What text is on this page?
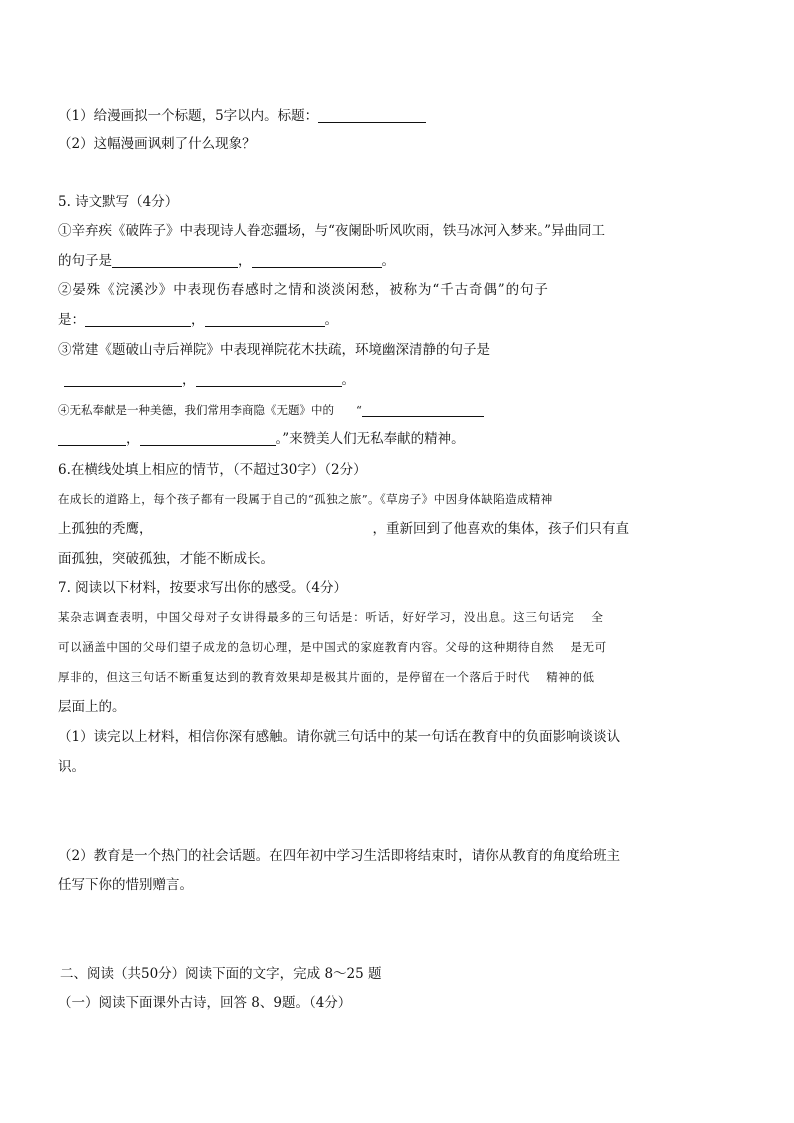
（1）给漫画拟一个标题，5字以内。标题：
（2）这幅漫画讽刺了什么现象？
5. 诗文默写（4分）
①辛弃疾《破阵子》中表现诗人眷恋疆场，与“夜阑卧听风吹雨，铁马冰河入梦来。”异曲同工
的句子是	，	。
②晏殊《浣溪沙》中表现伤春感时之情和淡淡闲愁，被称为“千古奇偶”的句子
是：	，	。
③常建《题破山寺后禅院》中表现禅院花木扶疏，环境幽深清静的句子是
，	。
④无私奉献是一种美德，我们常用李商隐《无题》中的 “
，	。”来赞美人们无私奉献的精神。
6.在横线处填上相应的情节，（不超过30字）（2分）
在成长的道路上，每个孩子都有一段属于自己的“孤独之旅”。《草房子》中因身体缺陷造成精神
上孤独的秃鹰，	，重新回到了他喜欢的集体，孩子们只有直
面孤独，突破孤独，才能不断成长。
7. 阅读以下材料，按要求写出你的感受。（4分）
某杂志调查表明，中国父母对子女讲得最多的三句话是：听话，好好学习，没出息。这三句话完　 全
可以涵盖中国的父母们望子成龙的急切心理，是中国式的家庭教育内容。父母的这种期待自然　 是无可
厚非的，但这三句话不断重复达到的教育效果却是极其片面的，是停留在一个落后于时代　 精神的低
层面上的。
（1）读完以上材料，相信你深有感触。请你就三句话中的某一句话在教育中的负面影响谈谈认
识。
（2）教育是一个热门的社会话题。在四年初中学习生活即将结束时，请你从教育的角度给班主
任写下你的惜别赠言。
二、阅读（共50分）阅读下面的文字，完成 8～25 题
（一）阅读下面课外古诗，回答 8、9题。（4分）
